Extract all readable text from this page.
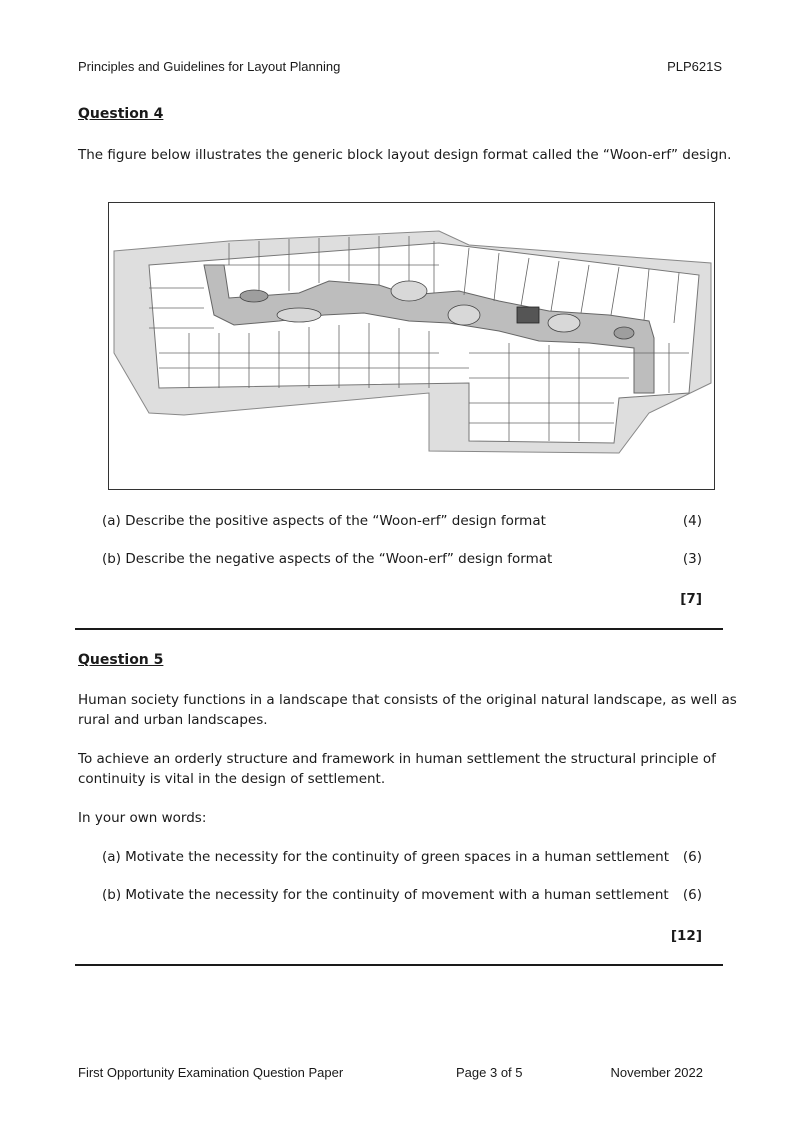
Principles and Guidelines for Layout Planning	PLP621S
Question 4
The figure below illustrates the generic block layout design format called the “Woon-erf” design.
(a) Describe the positive aspects of the “Woon-erf” design format	(4)
(b) Describe the negative aspects of the “Woon-erf” design format	(3)
[7]
Question 5
Human society functions in a landscape that consists of the original natural landscape, as well as
rural and urban landscapes.
To achieve an orderly structure and framework in human settlement the structural principle of
continuity is vital in the design of settlement.
In your own words:
(a) Motivate the necessity for the continuity of green spaces in a human settlement	(6)
(b) Motivate the necessity for the continuity of movement with a human settlement	(6)
[12]
First Opportunity Examination Question Paper	Page 3 of 5	November 2022
